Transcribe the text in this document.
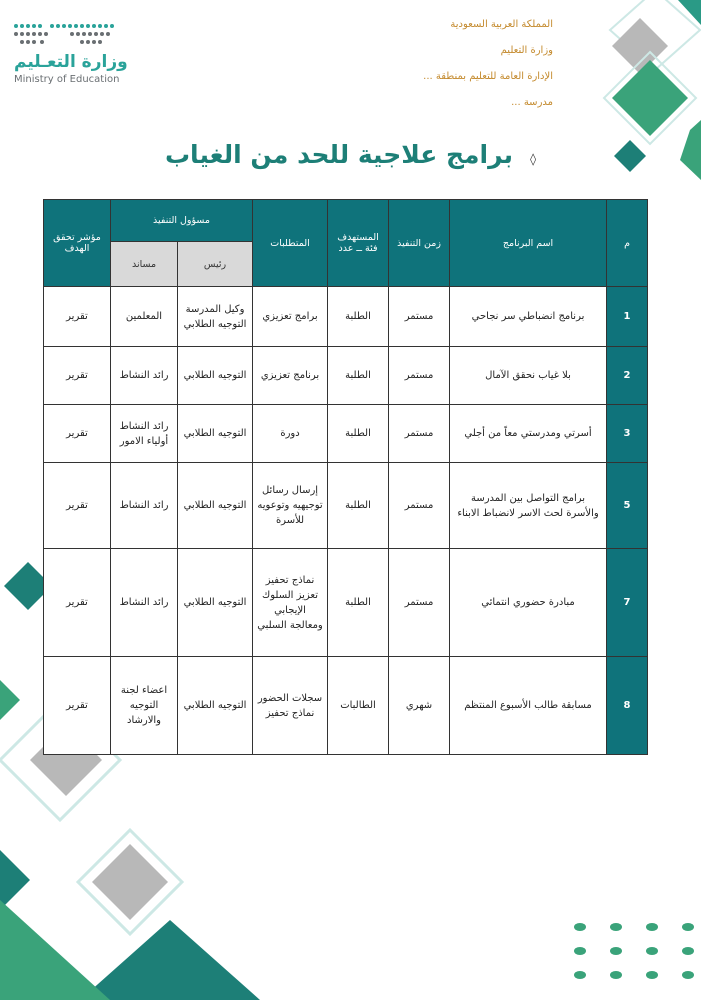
وزارة التعـليم
Ministry of Education
المملكة العربية السعودية
وزارة التعليم
الإدارة العامة للتعليم بمنطقة ...
مدرسة ...
◊ برامج علاجية للحد من الغياب
م	اسم البرنامج	زمن التنفيذ	المستهدف فئة ــ عدد	المتطلبات	مسؤول التنفيذ		مؤشر تحقق الهدف
					رئيس	مساند	
1	برنامج انضباطي سر نجاحي	مستمر	الطلبة	برامج تعزيزي	وكيل المدرسة التوجيه الطلابي	المعلمين	تقرير
2	بلا غياب نحقق الآمال	مستمر	الطلبة	برنامج تعزيزي	التوجيه الطلابي	رائد النشاط	تقرير
3	أسرتي ومدرستي معاً من أجلي	مستمر	الطلبة	دورة	التوجيه الطلابي	رائد النشاط أولياء الامور	تقرير
5	برامج التواصل بين المدرسة والأسرة لحث الاسر لانضباط الابناء	مستمر	الطلبة	إرسال رسائل توجيهيه وتوعويه للأسرة	التوجيه الطلابي	رائد النشاط	تقرير
7	مبادرة حضوري انتمائي	مستمر	الطلبة	نماذج تحفيز تعزيز السلوك الإيجابي ومعالجة السلبي	التوجيه الطلابي	رائد النشاط	تقرير
8	مسابقة طالب الأسبوع المنتظم	شهري	الطالبات	سجلات الحضور نماذج تحفيز	التوجيه الطلابي	اعضاء لجنة التوجيه والارشاد	تقرير
